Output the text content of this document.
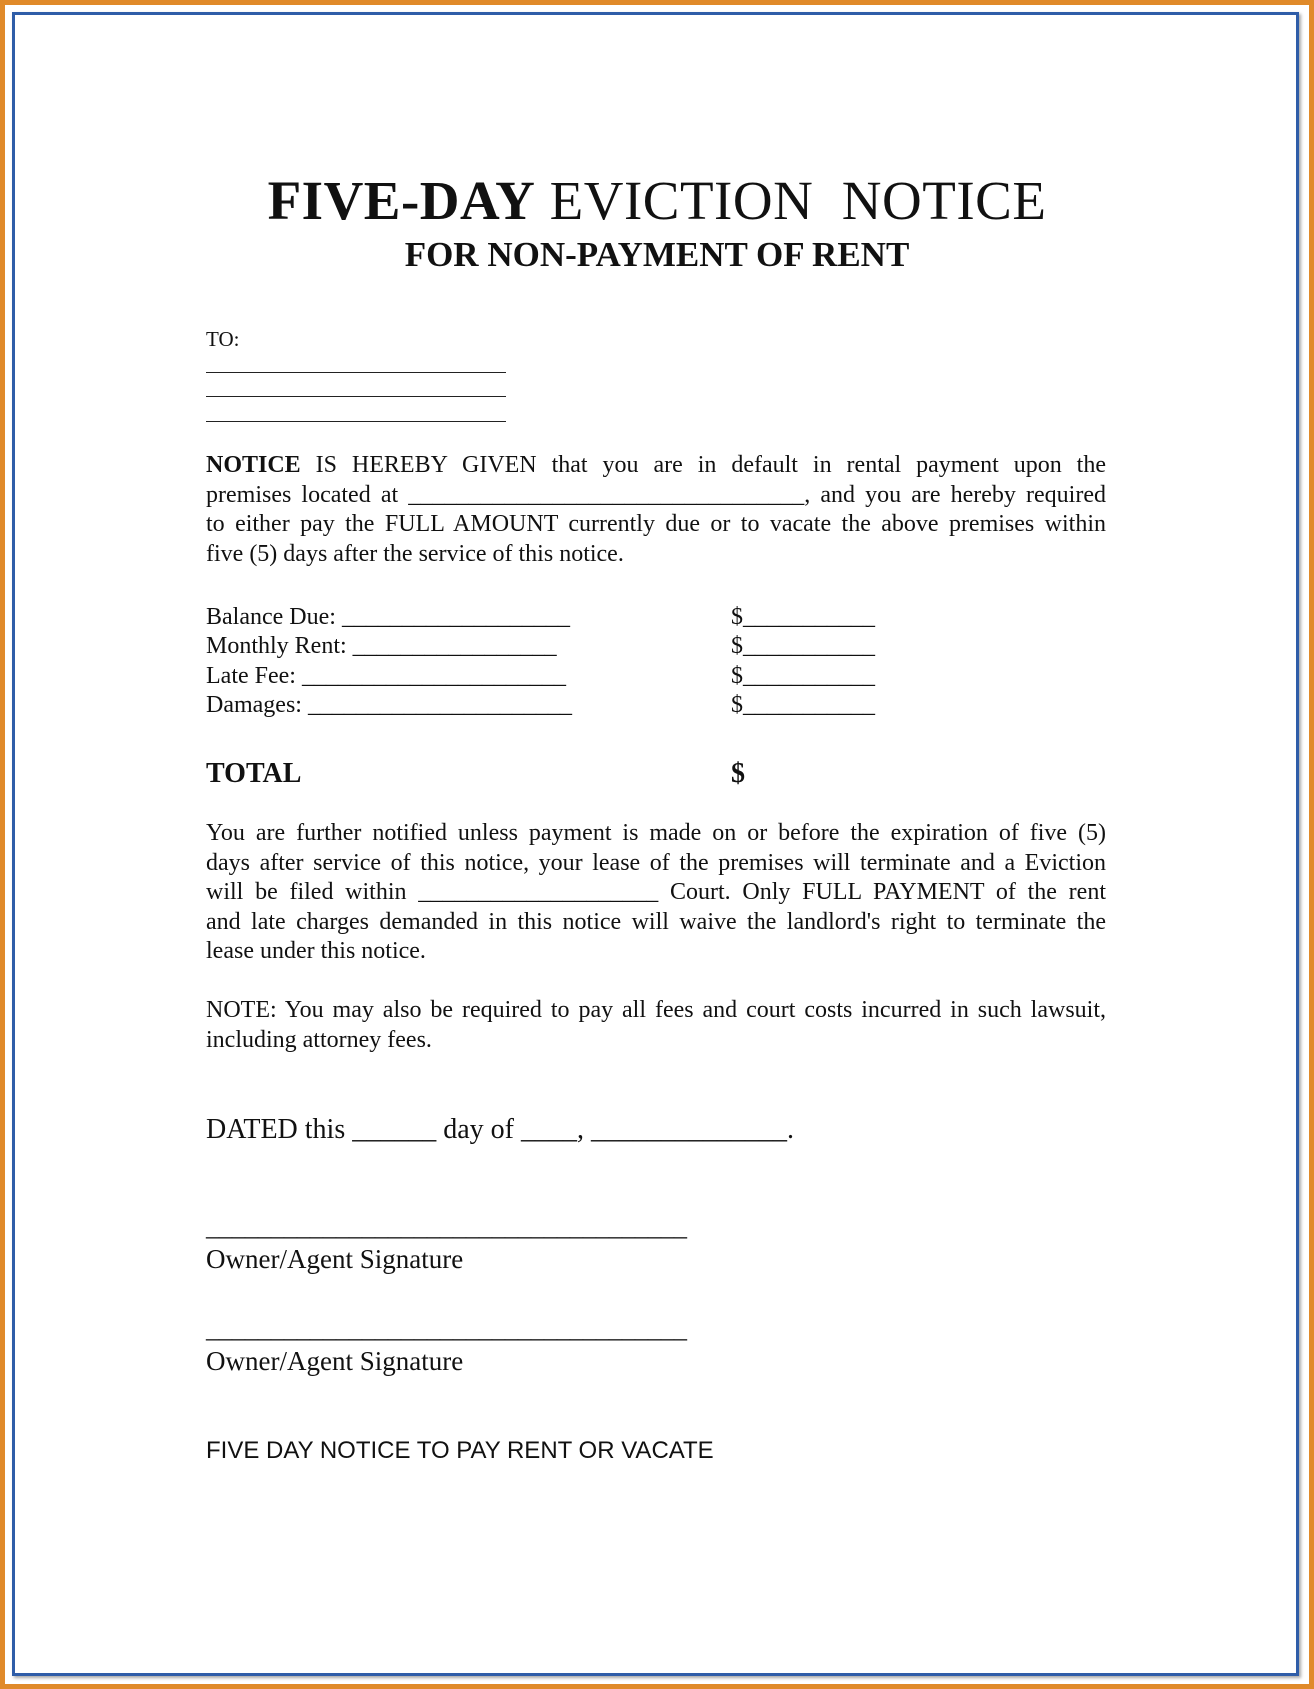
FIVE-DAY EVICTION  NOTICE
FOR NON-PAYMENT OF RENT
TO:
NOTICE IS HEREBY GIVEN that you are in default in rental payment upon the
premises located at _________________________________, and you are hereby required
to either pay the FULL AMOUNT currently due or to vacate the above premises within
five (5) days after the service of this notice.
Balance Due: ___________________	$___________
Monthly Rent: _________________	$___________
Late Fee: ______________________	$___________
Damages: ______________________	$___________
TOTAL	$
You are further notified unless payment is made on or before the expiration of five (5)
days after service of this notice, your lease of the premises will terminate and a Eviction
will be filed within ____________________ Court. Only FULL PAYMENT of the rent
and late charges demanded in this notice will waive the landlord's right to terminate the
lease under this notice.
NOTE: You may also be required to pay all fees and court costs incurred in such lawsuit,
including attorney fees.
DATED this ______ day of ____, ______________.
_____________________________________
Owner/Agent Signature
_____________________________________
Owner/Agent Signature
FIVE DAY NOTICE TO PAY RENT OR VACATE
